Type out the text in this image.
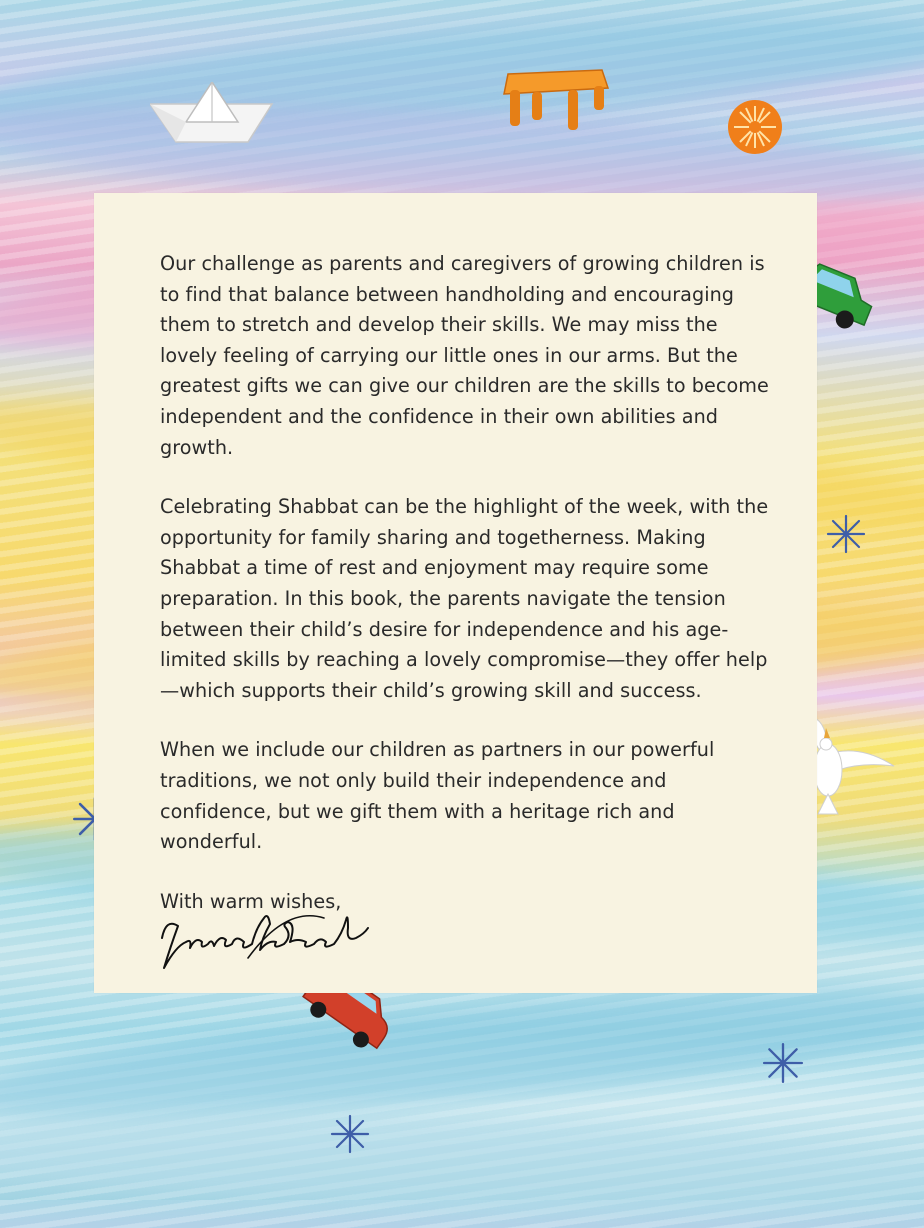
Our challenge as parents and caregivers of growing children is to find that balance between handholding and encouraging them to stretch and develop their skills. We may miss the lovely feeling of carrying our little ones in our arms. But the greatest gifts we can give our children are the skills to become independent and the confidence in their own abilities and growth.

Celebrating Shabbat can be the highlight of the week, with the opportunity for family sharing and togetherness. Making Shabbat a time of rest and enjoyment may require some preparation. In this book, the parents navigate the tension between their child’s desire for independence and his age-limited skills by reaching a lovely compromise—they offer help—which supports their child’s growing skill and success.

When we include our children as partners in our powerful traditions, we not only build their independence and confidence, but we gift them with a heritage rich and wonderful.

With warm wishes,
